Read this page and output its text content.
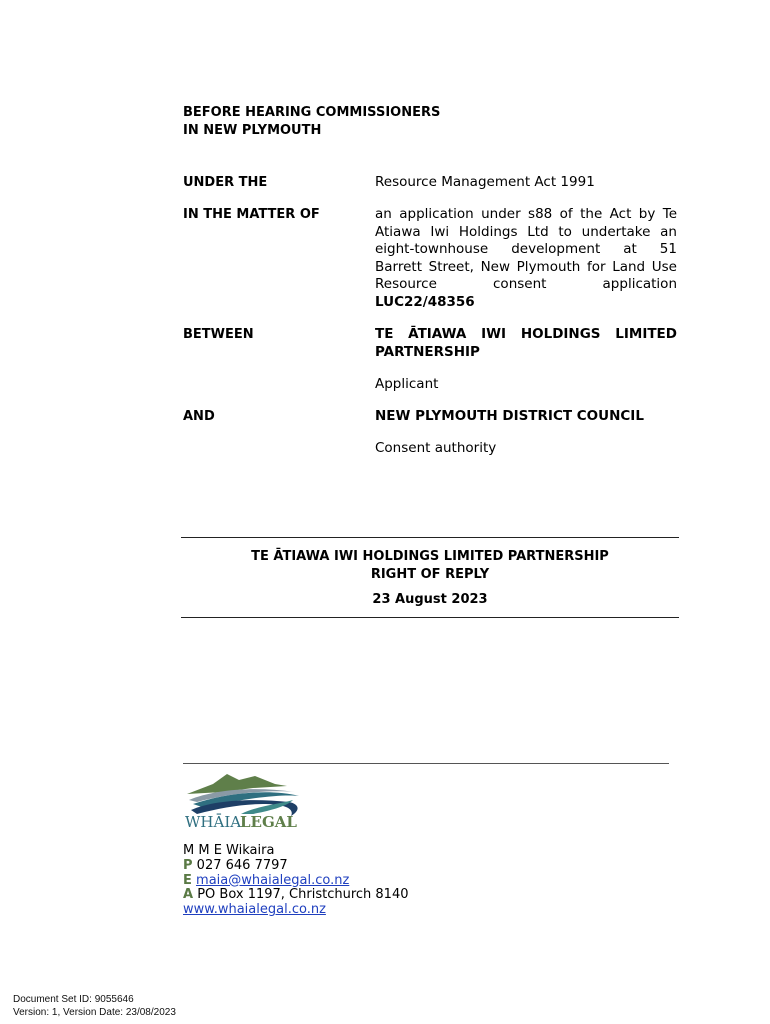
BEFORE HEARING COMMISSIONERS
IN NEW PLYMOUTH
UNDER THE	Resource Management Act 1991
IN THE MATTER OF	an application under s88 of the Act by Te
Atiawa Iwi Holdings Ltd to undertake an
eight-townhouse development at 51
Barrett Street, New Plymouth for Land Use
Resource consent application
LUC22/48356
BETWEEN	TE ĀTIAWA IWI HOLDINGS LIMITED
PARTNERSHIP
Applicant
AND	NEW PLYMOUTH DISTRICT COUNCIL
Consent authority
TE ĀTIAWA IWI HOLDINGS LIMITED PARTNERSHIP
RIGHT OF REPLY
23 August 2023
WHĀIA
LEGAL
M M E Wikaira
P 027 646 7797
E maia@whaialegal.co.nz
A PO Box 1197, Christchurch 8140
www.whaialegal.co.nz
Document Set ID: 9055646
Version: 1, Version Date: 23/08/2023
